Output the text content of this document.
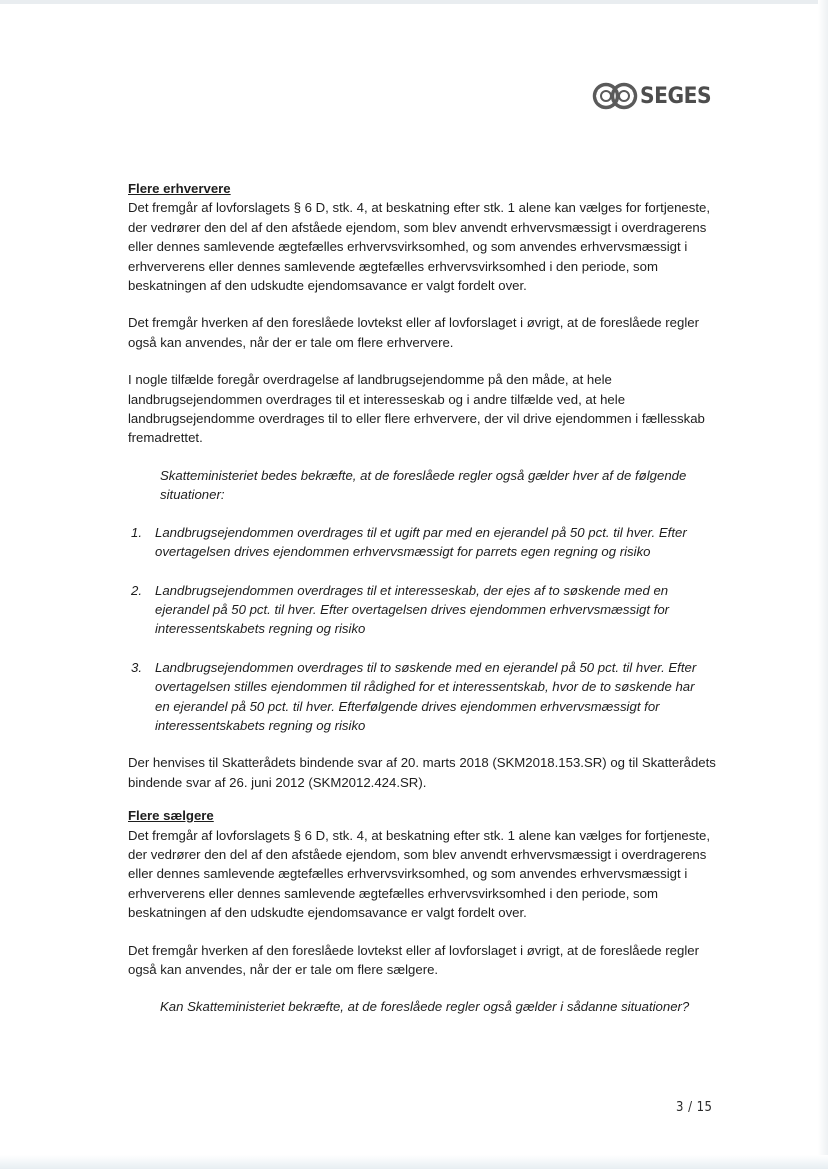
SEGES

Flere erhververe

Det fremgår af lovforslagets § 6 D, stk. 4, at beskatning efter stk. 1 alene kan vælges for fortjeneste, der vedrører den del af den afståede ejendom, som blev anvendt erhvervsmæssigt i overdragerens eller dennes samlevende ægtefælles erhvervsvirksomhed, og som anvendes erhvervsmæssigt i erhververens eller dennes samlevende ægtefælles erhvervsvirksomhed i den periode, som beskatningen af den udskudte ejendomsavance er valgt fordelt over.

Det fremgår hverken af den foreslåede lovtekst eller af lovforslaget i øvrigt, at de foreslåede regler også kan anvendes, når der er tale om flere erhververe.

I nogle tilfælde foregår overdragelse af landbrugsejendomme på den måde, at hele landbrugsejendommen overdrages til et interesseskab og i andre tilfælde ved, at hele landbrugsejendomme overdrages til to eller flere erhververe, der vil drive ejendommen i fællesskab fremadrettet.

Skatteministeriet bedes bekræfte, at de foreslåede regler også gælder hver af de følgende situationer:

1. Landbrugsejendommen overdrages til et ugift par med en ejerandel på 50 pct. til hver. Efter overtagelsen drives ejendommen erhvervsmæssigt for parrets egen regning og risiko
2. Landbrugsejendommen overdrages til et interesseskab, der ejes af to søskende med en ejerandel på 50 pct. til hver. Efter overtagelsen drives ejendommen erhvervsmæssigt for interessentskabets regning og risiko
3. Landbrugsejendommen overdrages til to søskende med en ejerandel på 50 pct. til hver. Efter overtagelsen stilles ejendommen til rådighed for et interessentskab, hvor de to søskende har en ejerandel på 50 pct. til hver. Efterfølgende drives ejendommen erhvervsmæssigt for interessentskabets regning og risiko

Der henvises til Skatterådets bindende svar af 20. marts 2018 (SKM2018.153.SR) og til Skatterådets bindende svar af 26. juni 2012 (SKM2012.424.SR).

Flere sælgere

Det fremgår af lovforslagets § 6 D, stk. 4, at beskatning efter stk. 1 alene kan vælges for fortjeneste, der vedrører den del af den afståede ejendom, som blev anvendt erhvervsmæssigt i overdragerens eller dennes samlevende ægtefælles erhvervsvirksomhed, og som anvendes erhvervsmæssigt i erhververens eller dennes samlevende ægtefælles erhvervsvirksomhed i den periode, som beskatningen af den udskudte ejendomsavance er valgt fordelt over.

Det fremgår hverken af den foreslåede lovtekst eller af lovforslaget i øvrigt, at de foreslåede regler også kan anvendes, når der er tale om flere sælgere.

Kan Skatteministeriet bekræfte, at de foreslåede regler også gælder i sådanne situationer?

3 / 15
